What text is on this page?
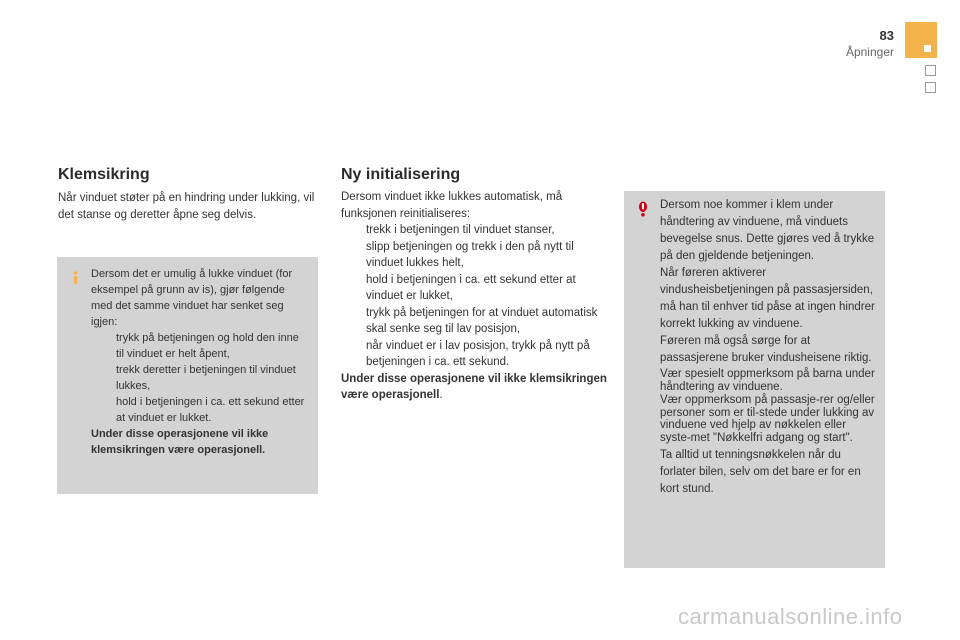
83
Åpninger
Klemsikring
Når vinduet støter på en hindring under lukking, vil det stanse og deretter åpne seg delvis.

Dersom det er umulig å lukke vinduet (for eksempel på grunn av is), gjør følgende med det samme vinduet har senket seg igjen:

trykk på betjeningen og hold den inne til vinduet er helt åpent,
trekk deretter i betjeningen til vinduet lukkes,
hold i betjeningen i ca. ett sekund etter at vinduet er lukket.

Under disse operasjonene vil ikke klemsikringen være operasjonell.

Ny initialisering

Dersom vinduet ikke lukkes automatisk, må funksjonen reinitialiseres:

trekk i betjeningen til vinduet stanser,
slipp betjeningen og trekk i den på nytt til vinduet lukkes helt,
hold i betjeningen i ca. ett sekund etter at vinduet er lukket,
trykk på betjeningen for at vinduet automatisk skal senke seg til lav posisjon,
når vinduet er i lav posisjon, trykk på nytt på betjeningen i ca. ett sekund.

Under disse operasjonene vil ikke klemsikringen være operasjonell.

Dersom noe kommer i klem under håndtering av vinduene, må vinduets bevegelse snus. Dette gjøres ved å trykke på den gjeldende betjeningen.

Når føreren aktiverer vindusheisbetjeningen på passasjersiden, må han til enhver tid påse at ingen hindrer korrekt lukking av vinduene.

Føreren må også sørge for at passasjerene bruker vindusheisene riktig.

Vær spesielt oppmerksom på barna under håndtering av vinduene.

Vær oppmerksom på passasje-rer og/eller personer som er til-stede under lukking av vinduene ved hjelp av nøkkelen eller syste-met "Nøkkelfri adgang og start".

Ta alltid ut tenningsnøkkelen når du forlater bilen, selv om det bare er for en kort stund.

carmanualsonline.info
